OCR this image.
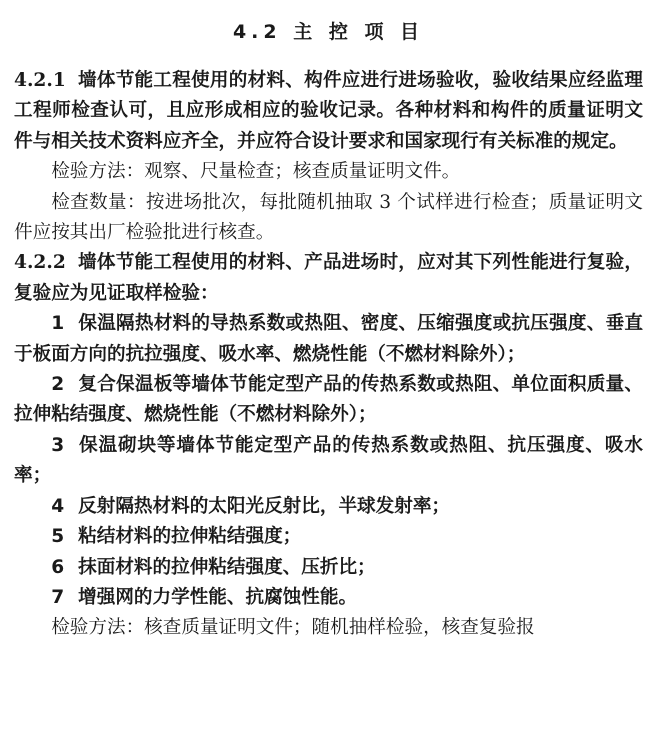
4.2 主 控 项 目

4.2.1 墙体节能工程使用的材料、构件应进行进场验收，验收结果应经监理工程师检查认可，且应形成相应的验收记录。各种材料和构件的质量证明文件与相关技术资料应齐全，并应符合设计要求和国家现行有关标准的规定。

检验方法：观察、尺量检查；核查质量证明文件。

检查数量：按进场批次，每批随机抽取 3 个试样进行检查；质量证明文件应按其出厂检验批进行核查。

4.2.2 墙体节能工程使用的材料、产品进场时，应对其下列性能进行复验，复验应为见证取样检验：

1 保温隔热材料的导热系数或热阻、密度、压缩强度或抗压强度、垂直于板面方向的抗拉强度、吸水率、燃烧性能（不燃材料除外）；

2 复合保温板等墙体节能定型产品的传热系数或热阻、单位面积质量、拉伸粘结强度、燃烧性能（不燃材料除外）；

3 保温砌块等墙体节能定型产品的传热系数或热阻、抗压强度、吸水率；

4 反射隔热材料的太阳光反射比，半球发射率；

5 粘结材料的拉伸粘结强度；

6 抹面材料的拉伸粘结强度、压折比；

7 增强网的力学性能、抗腐蚀性能。

检验方法：核查质量证明文件；随机抽样检验，核查复验报
